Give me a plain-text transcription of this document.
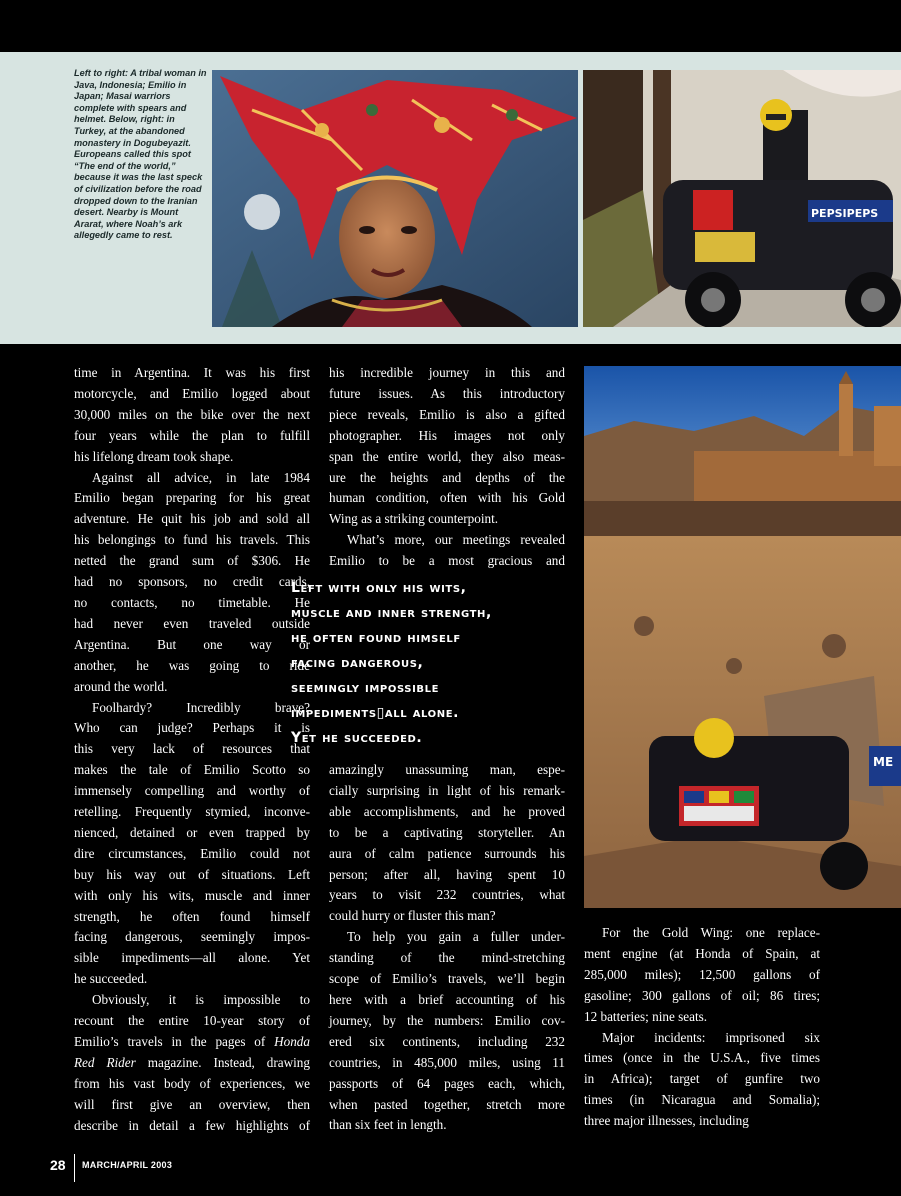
Left to right: A tribal woman in Java, Indonesia; Emilio in Japan; Masai warriors complete with spears and helmet. Below, right: in Turkey, at the abandoned monastery in Dogubeyazit. Europeans called this spot “The end of the world,” because it was the last speck of civilization before the road dropped down to the Iranian desert. Nearby is Mount Ararat, where Noah’s ark allegedly came to rest.

PEPSIPEPS
ME
time in Argentina. It was his first
motorcycle, and Emilio logged about
30,000 miles on the bike over the next
four years while the plan to fulfill
his lifelong dream took shape.
Against all advice, in late 1984
Emilio began preparing for his great
adventure. He quit his job and sold all
his belongings to fund his travels. This
netted the grand sum of $306. He
had no sponsors, no credit cards,
no contacts, no timetable. He
had never even traveled outside
Argentina. But one way or
another, he was going to ride
around the world.
Foolhardy? Incredibly brave?
Who can judge? Perhaps it is
this very lack of resources that
makes the tale of Emilio Scotto so
immensely compelling and worthy of
retelling. Frequently stymied, inconve-
nienced, detained or even trapped by
dire circumstances, Emilio could not
buy his way out of situations. Left
with only his wits, muscle and inner
strength, he often found himself
facing dangerous, seemingly impos-
sible impediments—all alone. Yet
he succeeded.
Obviously, it is impossible to
recount the entire 10-year story of
Emilio’s travels in the pages of Honda
Red Rider magazine. Instead, drawing
from his vast body of experiences, we
will first give an overview, then
describe in detail a few highlights of
his incredible journey in this and
future issues. As this introductory
piece reveals, Emilio is also a gifted
photographer. His images not only
span the entire world, they also meas-
ure the heights and depths of the
human condition, often with his Gold
Wing as a striking counterpoint.
What’s more, our meetings revealed
Emilio to be a most gracious and
Left with only his wits,
muscle and inner strength,
he often found himself
facing dangerous,
seemingly impossible
impediments▯all alone.
Yet he succeeded.
amazingly unassuming man, espe-
cially surprising in light of his remark-
able accomplishments, and he proved
to be a captivating storyteller. An
aura of calm patience surrounds his
person; after all, having spent 10
years to visit 232 countries, what
could hurry or fluster this man?
To help you gain a fuller under-
standing of the mind-stretching
scope of Emilio’s travels, we’ll begin
here with a brief accounting of his
journey, by the numbers: Emilio cov-
ered six continents, including 232
countries, in 485,000 miles, using 11
passports of 64 pages each, which,
when pasted together, stretch more
than six feet in length.
For the Gold Wing: one replace-
ment engine (at Honda of Spain, at
285,000 miles); 12,500 gallons of
gasoline; 300 gallons of oil; 86 tires;
12 batteries; nine seats.
Major incidents: imprisoned six
times (once in the U.S.A., five times
in Africa); target of gunfire two
times (in Nicaragua and Somalia);
three major illnesses, including
28 MARCH/APRIL 2003
